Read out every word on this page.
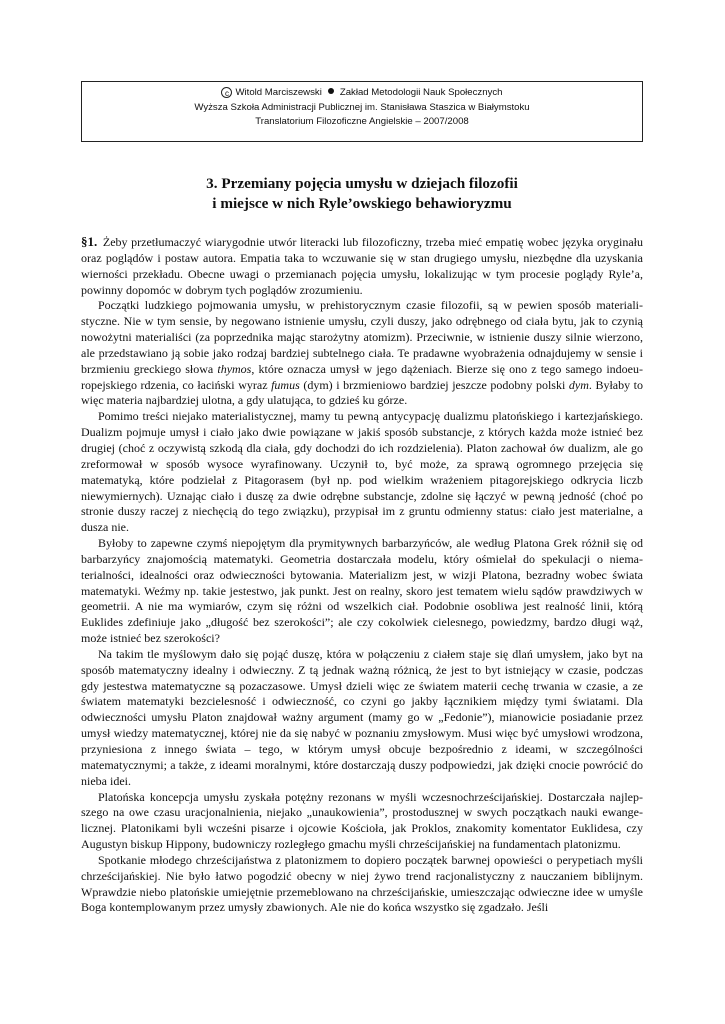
c Witold Marciszewski Zakład Metodologii Nauk Społecznych
Wyższa Szkoła Administracji Publicznej im. Stanisława Staszica w Białymstoku
Translatorium Filozoficzne Angielskie – 2007/2008
3. Przemiany pojęcia umysłu w dziejach filozofii
i miejsce w nich Ryle’owskiego behawioryzmu

§1. Żeby przetłumaczyć wiarygodnie utwór literacki lub filozoficzny, trzeba mieć empatię wobec języka oryginału oraz poglądów i postaw autora. Empatia taka to wczuwanie się w stan drugiego umysłu, niezbędne dla uzyskania wierności przekładu. Obecne uwagi o przemianach pojęcia umysłu, lokalizując w tym procesie poglądy Ryle’a, powinny dopomóc w dobrym tych poglądów zrozumieniu.

Początki ludzkiego pojmowania umysłu, w prehistorycznym czasie filozofii, są w pewien sposób materialistyczne. Nie w tym sensie, by negowano istnienie umysłu, czyli duszy, jako odrębnego od ciała bytu, jak to czynią nowożytni materialiści (za poprzednika mając starożytny atomizm). Przeciwnie, w istnienie duszy silnie wierzono, ale przedstawiano ją sobie jako rodzaj bardziej subtelnego ciała. Te pradawne wyobrażenia odnajdujemy w sensie i brzmieniu greckiego słowa thymos, które oznacza umysł w jego dążeniach. Bierze się ono z tego samego indoeuropejskiego rdzenia, co łaciński wyraz fumus (dym) i brzmieniowo bardziej jeszcze podobny polski dym. Byłaby to więc materia najbardziej ulotna, a gdy ulatująca, to gdzieś ku górze.

Pomimo treści niejako materialistycznej, mamy tu pewną antycypację dualizmu platońskiego i kartezjańskiego. Dualizm pojmuje umysł i ciało jako dwie powiązane w jakiś sposób substancje, z których każda może istnieć bez drugiej (choć z oczywistą szkodą dla ciała, gdy dochodzi do ich rozdzielenia). Platon zachował ów dualizm, ale go zreformował w sposób wysoce wyrafinowany. Uczynił to, być może, za sprawą ogromnego przejęcia się matematyką, które podzielał z Pitagorasem (był np. pod wielkim wrażeniem pitagorejskiego odkrycia liczb niewymiernych). Uznając ciało i duszę za dwie odrębne substancje, zdolne się łączyć w pewną jedność (choć po stronie duszy raczej z niechęcią do tego związku), przypisał im z gruntu odmienny status: ciało jest materialne, a dusza nie.

Byłoby to zapewne czymś niepojętym dla prymitywnych barbarzyńców, ale według Platona Grek różnił się od barbarzyńcy znajomością matematyki. Geometria dostarczała modelu, który ośmielał do spekulacji o niematerialności, idealności oraz odwieczności bytowania. Materializm jest, w wizji Platona, bezradny wobec świata matematyki. Weźmy np. takie jestestwo, jak punkt. Jest on realny, skoro jest tematem wielu sądów prawdziwych w geometrii. A nie ma wymiarów, czym się różni od wszelkich ciał. Podobnie osobliwa jest realność linii, którą Euklides zdefiniuje jako „długość bez szerokości”; ale czy cokolwiek cielesnego, powiedzmy, bardzo długi wąż, może istnieć bez szerokości?

Na takim tle myślowym dało się pojąć duszę, która w połączeniu z ciałem staje się dlań umysłem, jako byt na sposób matematyczny idealny i odwieczny. Z tą jednak ważną różnicą, że jest to byt istniejący w czasie, podczas gdy jestestwa matematyczne są pozaczasowe. Umysł dzieli więc ze światem materii cechę trwania w czasie, a ze światem matematyki bezcielesność i odwieczność, co czyni go jakby łącznikiem między tymi światami. Dla odwieczności umysłu Platon znajdował ważny argument (mamy go w „Fedonie”), mianowicie posiadanie przez umysł wiedzy matematycznej, której nie da się nabyć w poznaniu zmysłowym. Musi więc być umysłowi wrodzona, przyniesiona z innego świata – tego, w którym umysł obcuje bezpośrednio z ideami, w szczególności matematycznymi; a także, z ideami moralnymi, które dostarczają duszy podpowiedzi, jak dzięki cnocie powrócić do nieba idei.

Platońska koncepcja umysłu zyskała potężny rezonans w myśli wczesnochrześcijańskiej. Dostarczała najlepszego na owe czasu uracjonalnienia, niejako „unaukowienia”, prostodusznej w swych początkach nauki ewangelicznej. Platonikami byli wcześni pisarze i ojcowie Kościoła, jak Proklos, znakomity komentator Euklidesa, czy Augustyn biskup Hippony, budowniczy rozległego gmachu myśli chrześcijańskiej na fundamentach platonizmu.

Spotkanie młodego chrześcijaństwa z platonizmem to dopiero początek barwnej opowieści o perypetiach myśli chrześcijańskiej. Nie było łatwo pogodzić obecny w niej żywo trend racjonalistyczny z nauczaniem biblijnym. Wprawdzie niebo platońskie umiejętnie przemeblowano na chrześcijańskie, umieszczając odwieczne idee w umyśle Boga kontemplowanym przez umysły zbawionych. Ale nie do końca wszystko się zgadzało. Jeśli
